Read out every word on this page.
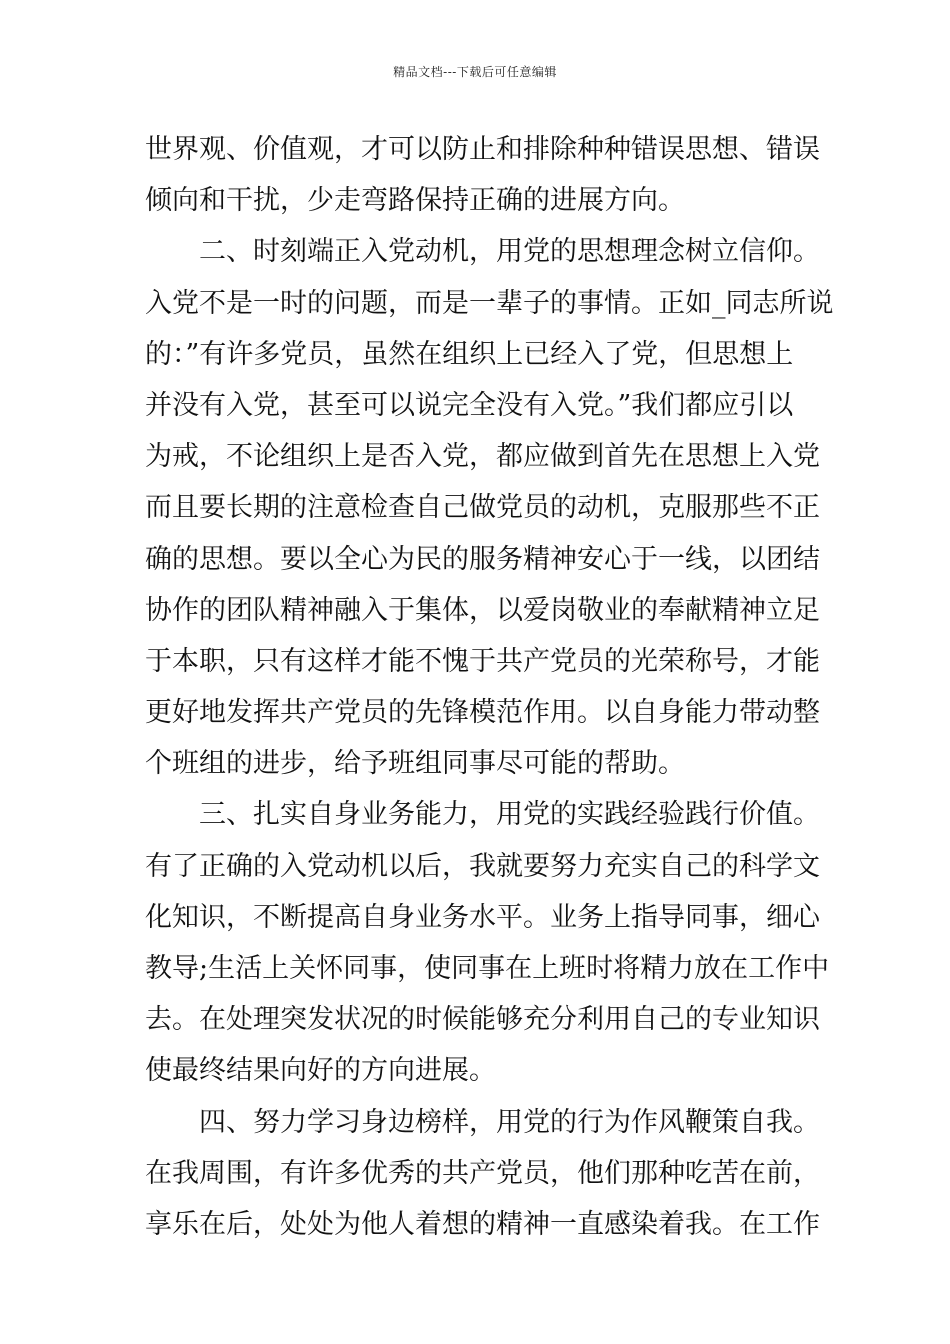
精品文档---下载后可任意编辑
世界观、价值观，才可以防止和排除种种错误思想、错误
倾向和干扰，少走弯路保持正确的进展方向。
二、时刻端正入党动机，用党的思想理念树立信仰。
入党不是一时的问题，而是一辈子的事情。正如_同志所说
的：”有许多党员，虽然在组织上已经入了党，但思想上
并没有入党，甚至可以说完全没有入党。”我们都应引以
为戒，不论组织上是否入党，都应做到首先在思想上入党
而且要长期的注意检查自己做党员的动机，克服那些不正
确的思想。要以全心为民的服务精神安心于一线，以团结
协作的团队精神融入于集体，以爱岗敬业的奉献精神立足
于本职，只有这样才能不愧于共产党员的光荣称号，才能
更好地发挥共产党员的先锋模范作用。以自身能力带动整
个班组的进步，给予班组同事尽可能的帮助。
三、扎实自身业务能力，用党的实践经验践行价值。
有了正确的入党动机以后，我就要努力充实自己的科学文
化知识，不断提高自身业务水平。业务上指导同事，细心
教导;生活上关怀同事，使同事在上班时将精力放在工作中
去。在处理突发状况的时候能够充分利用自己的专业知识
使最终结果向好的方向进展。
四、努力学习身边榜样，用党的行为作风鞭策自我。
在我周围，有许多优秀的共产党员，他们那种吃苦在前，
享乐在后，处处为他人着想的精神一直感染着我。在工作
